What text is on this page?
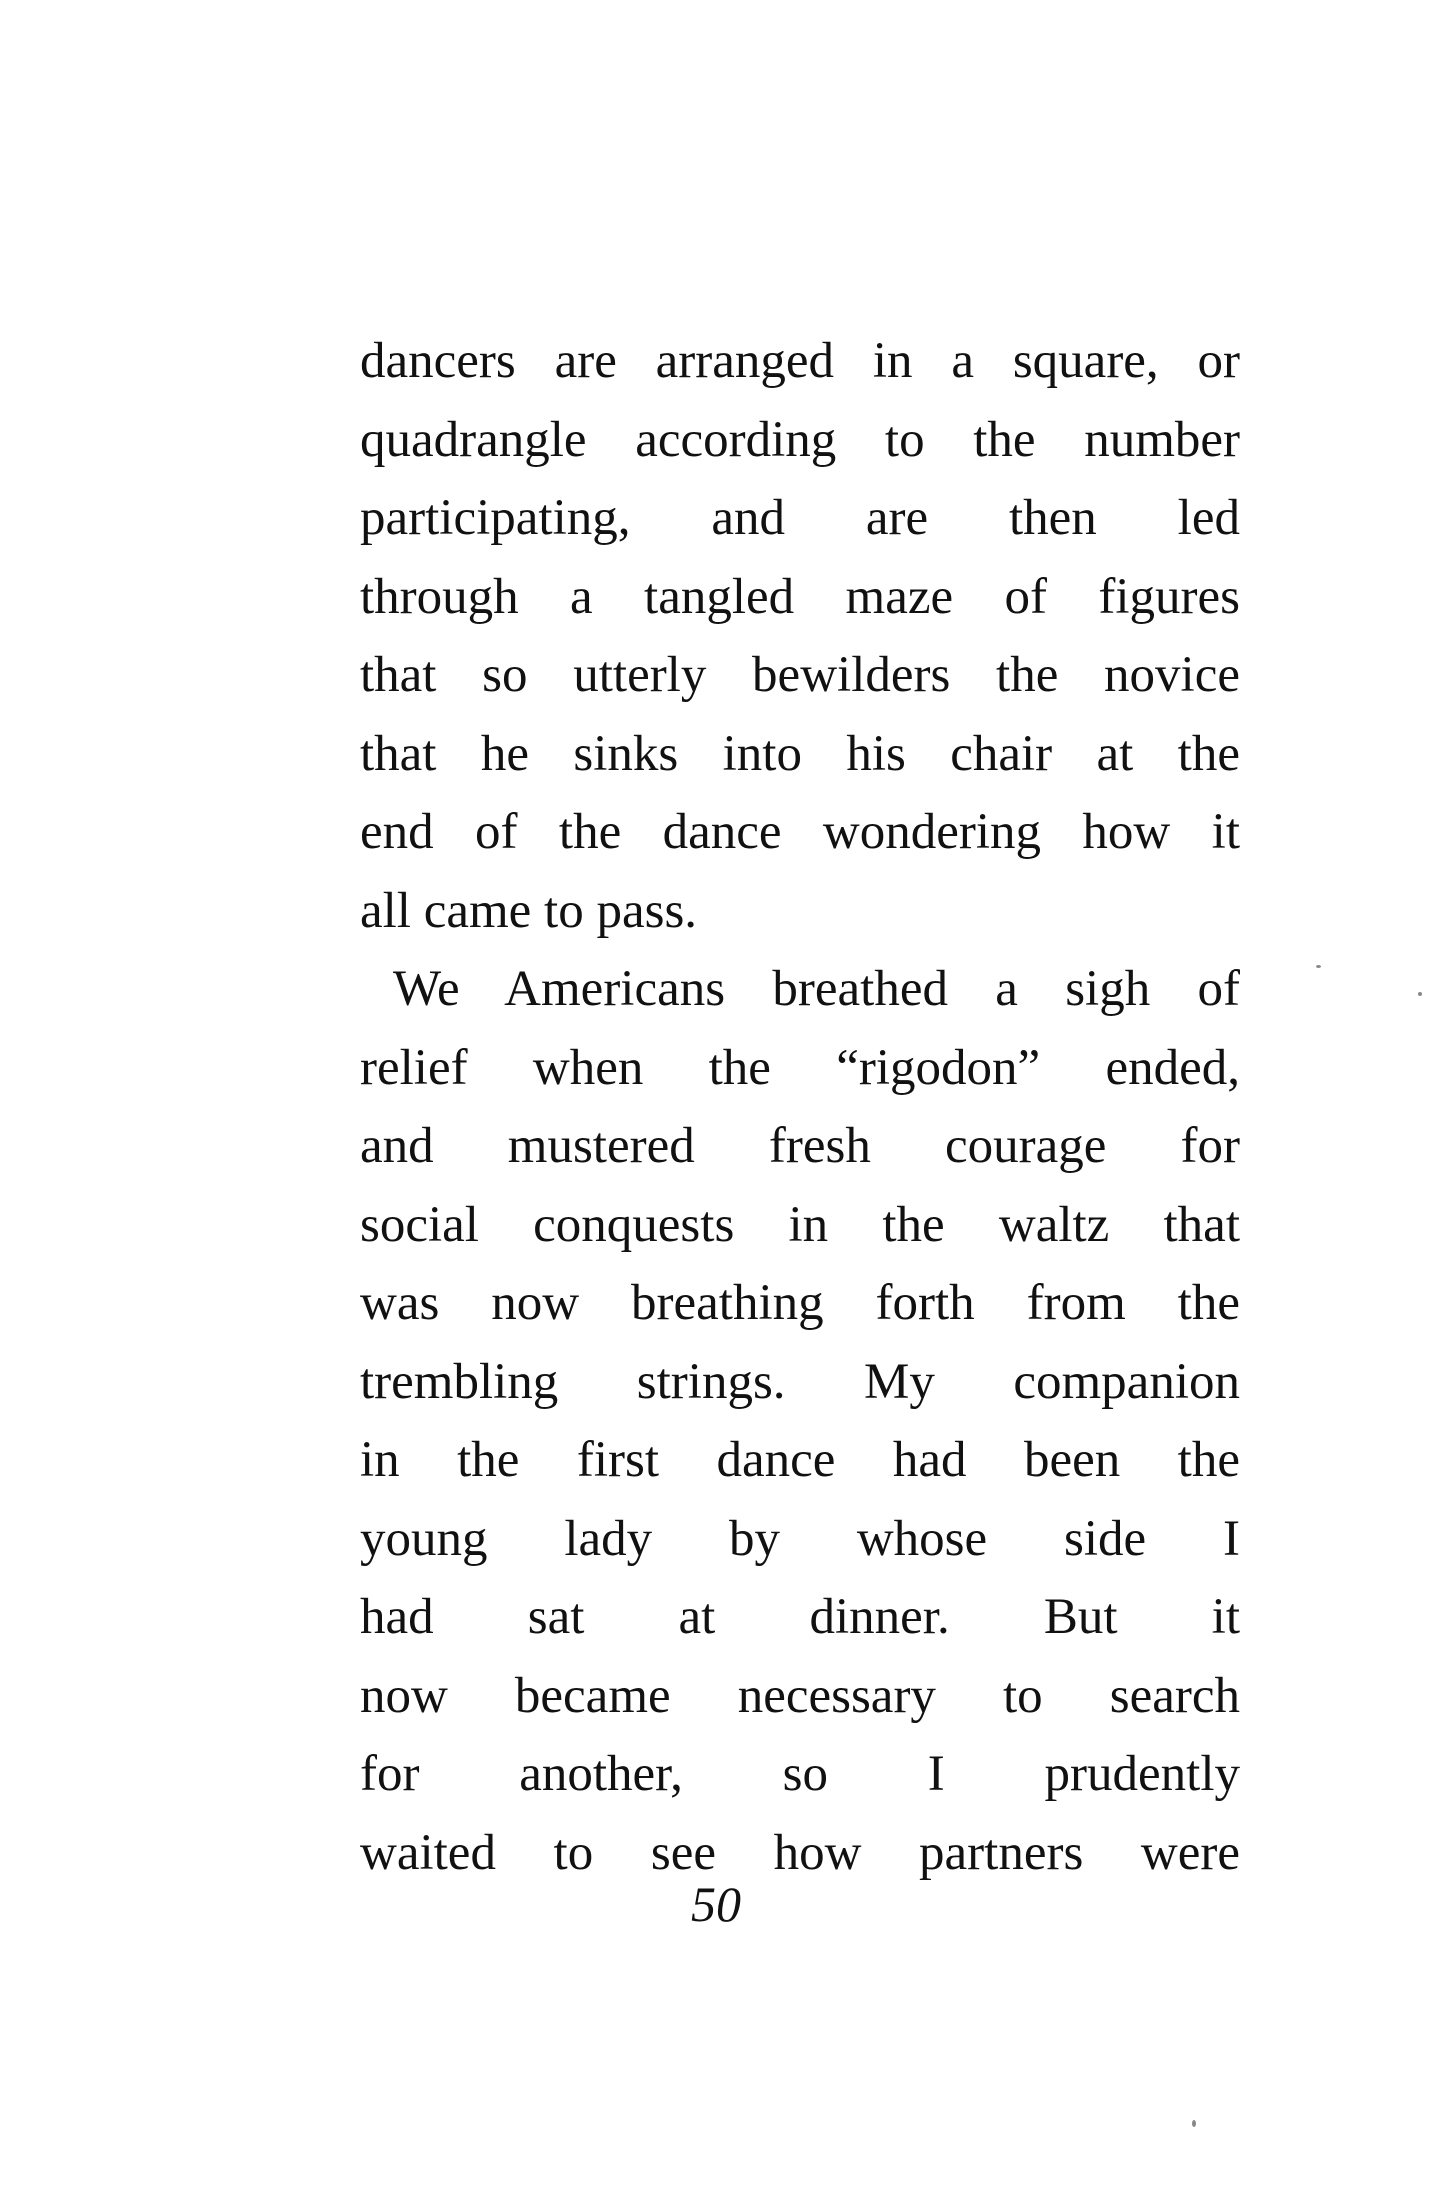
dancers are arranged in a square, or
quadrangle according to the number
participating, and are then led
through a tangled maze of figures
that so utterly bewilders the novice
that he sinks into his chair at the
end of the dance wondering how it
all came to pass.
We Americans breathed a sigh of
relief when the “rigodon” ended,
and mustered fresh courage for
social conquests in the waltz that
was now breathing forth from the
trembling strings. My companion
in the first dance had been the
young lady by whose side I
had sat at dinner. But it
now became necessary to search
for another, so I prudently
waited to see how partners were
50
